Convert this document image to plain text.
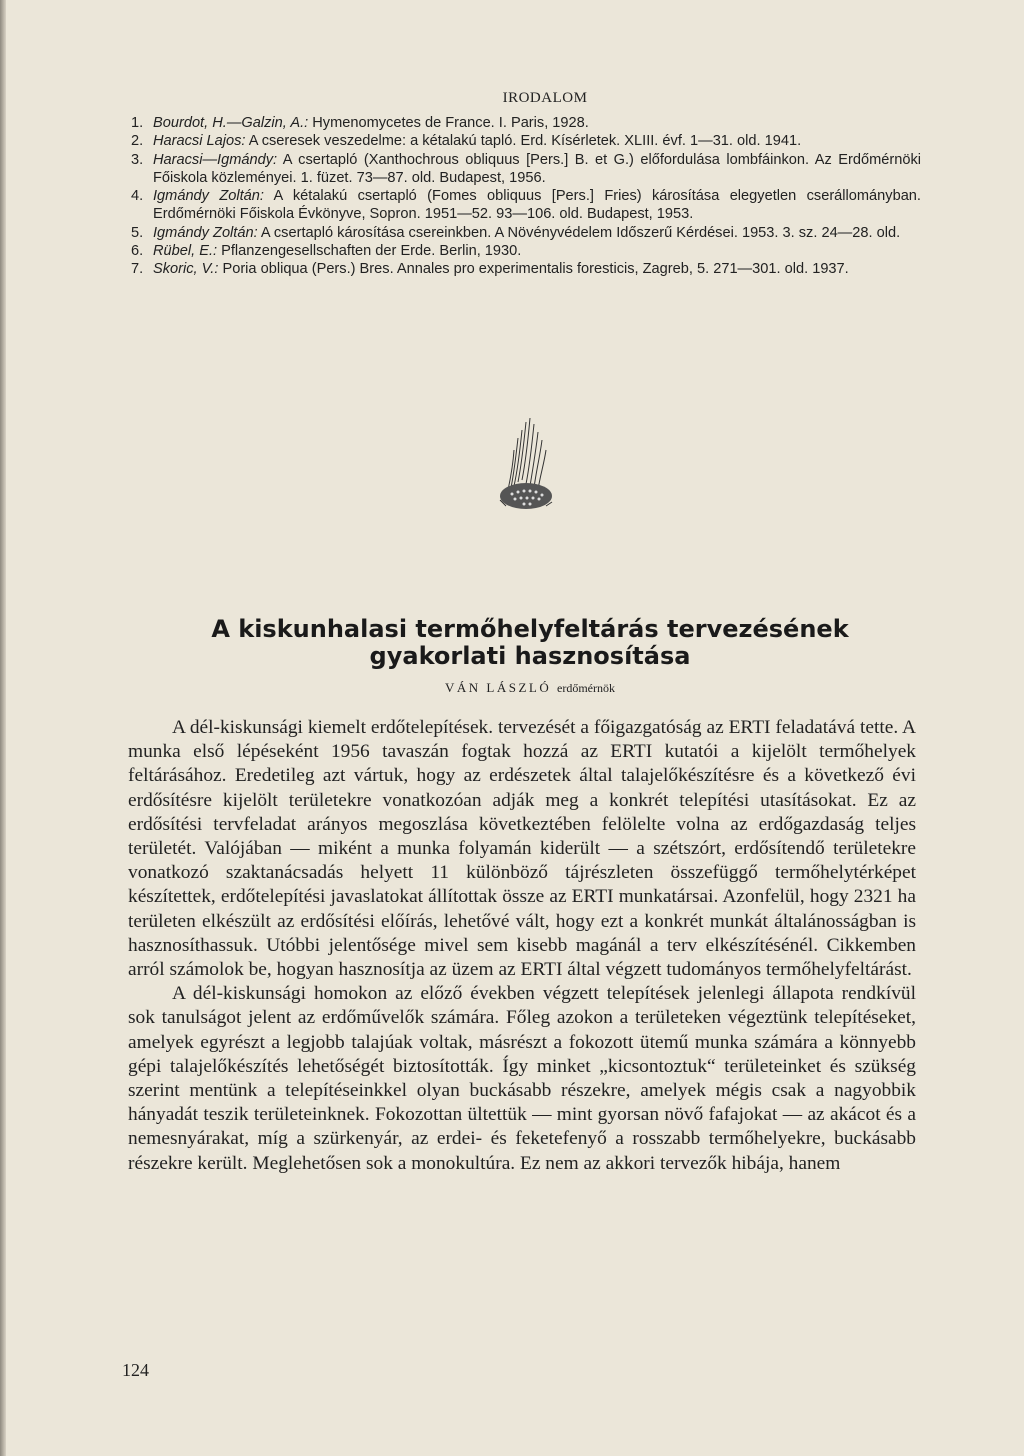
IRODALOM

1. Bourdot, H.—Galzin, A.: Hymenomycetes de France. I. Paris, 1928.

2. Haracsi Lajos: A cseresek veszedelme: a kétalakú tapló. Erd. Kísérletek. XLIII. évf. 1—31. old. 1941.

3. Haracsi—Igmándy: A csertapló (Xanthochrous obliquus [Pers.] B. et G.) előfordulása lombfáinkon. Az Erdőmérnöki Főiskola közleményei. 1. füzet. 73—87. old. Budapest, 1956.

4. Igmándy Zoltán: A kétalakú csertapló (Fomes obliquus [Pers.] Fries) károsítása elegyetlen cserállományban. Erdőmérnöki Főiskola Évkönyve, Sopron. 1951—52. 93—106. old. Budapest, 1953.

5. Igmándy Zoltán: A csertapló károsítása csereinkben. A Növényvédelem Időszerű Kérdései. 1953. 3. sz. 24—28. old.

6. Rübel, E.: Pflanzengesellschaften der Erde. Berlin, 1930.

7. Skoric, V.: Poria obliqua (Pers.) Bres. Annales pro experimentalis foresticis, Zagreb, 5. 271—301. old. 1937.

A kiskunhalasi termőhelyfeltárás tervezésének gyakorlati hasznosítása
VÁN LÁSZLÓ erdőmérnök

A dél-kiskunsági kiemelt erdőtelepítések. tervezését a főigazgatóság az ERTI feladatává tette. A munka első lépéseként 1956 tavaszán fogtak hozzá az ERTI kutatói a kijelölt termőhelyek feltárásához. Eredetileg azt vártuk, hogy az erdészetek által talajelőkészítésre és a következő évi erdősítésre kijelölt területekre vonatkozóan adják meg a konkrét telepítési utasításokat. Ez az erdősítési tervfeladat arányos megoszlása következtében felölelte volna az erdőgazdaság teljes területét. Valójában — miként a munka folyamán kiderült — a szétszórt, erdősítendő területekre vonatkozó szaktanácsadás helyett 11 különböző tájrészleten összefüggő termőhelytérképet készítettek, erdőtelepítési javaslatokat állítottak össze az ERTI munkatársai. Azonfelül, hogy 2321 ha területen elkészült az erdősítési előírás, lehetővé vált, hogy ezt a konkrét munkát általánosságban is hasznosíthassuk. Utóbbi jelentősége mivel sem kisebb magánál a terv elkészítésénél. Cikkemben arról számolok be, hogyan hasznosítja az üzem az ERTI által végzett tudományos termőhelyfeltárást.

A dél-kiskunsági homokon az előző években végzett telepítések jelenlegi állapota rendkívül sok tanulságot jelent az erdőművelők számára. Főleg azokon a területeken végeztünk telepítéseket, amelyek egyrészt a legjobb talajúak voltak, másrészt a fokozott ütemű munka számára a könnyebb gépi talajelőkészítés lehetőségét biztosították. Így minket „kicsontoztuk“ területeinket és szükség szerint mentünk a telepítéseinkkel olyan buckásabb részekre, amelyek mégis csak a nagyobbik hányadát teszik területeinknek. Fokozottan ültettük — mint gyorsan növő fafajokat — az akácot és a nemesnyárakat, míg a szürkenyár, az erdei- és feketefenyő a rosszabb termőhelyekre, buckásabb részekre került. Meglehetősen sok a monokultúra. Ez nem az akkori tervezők hibája, hanem

124
